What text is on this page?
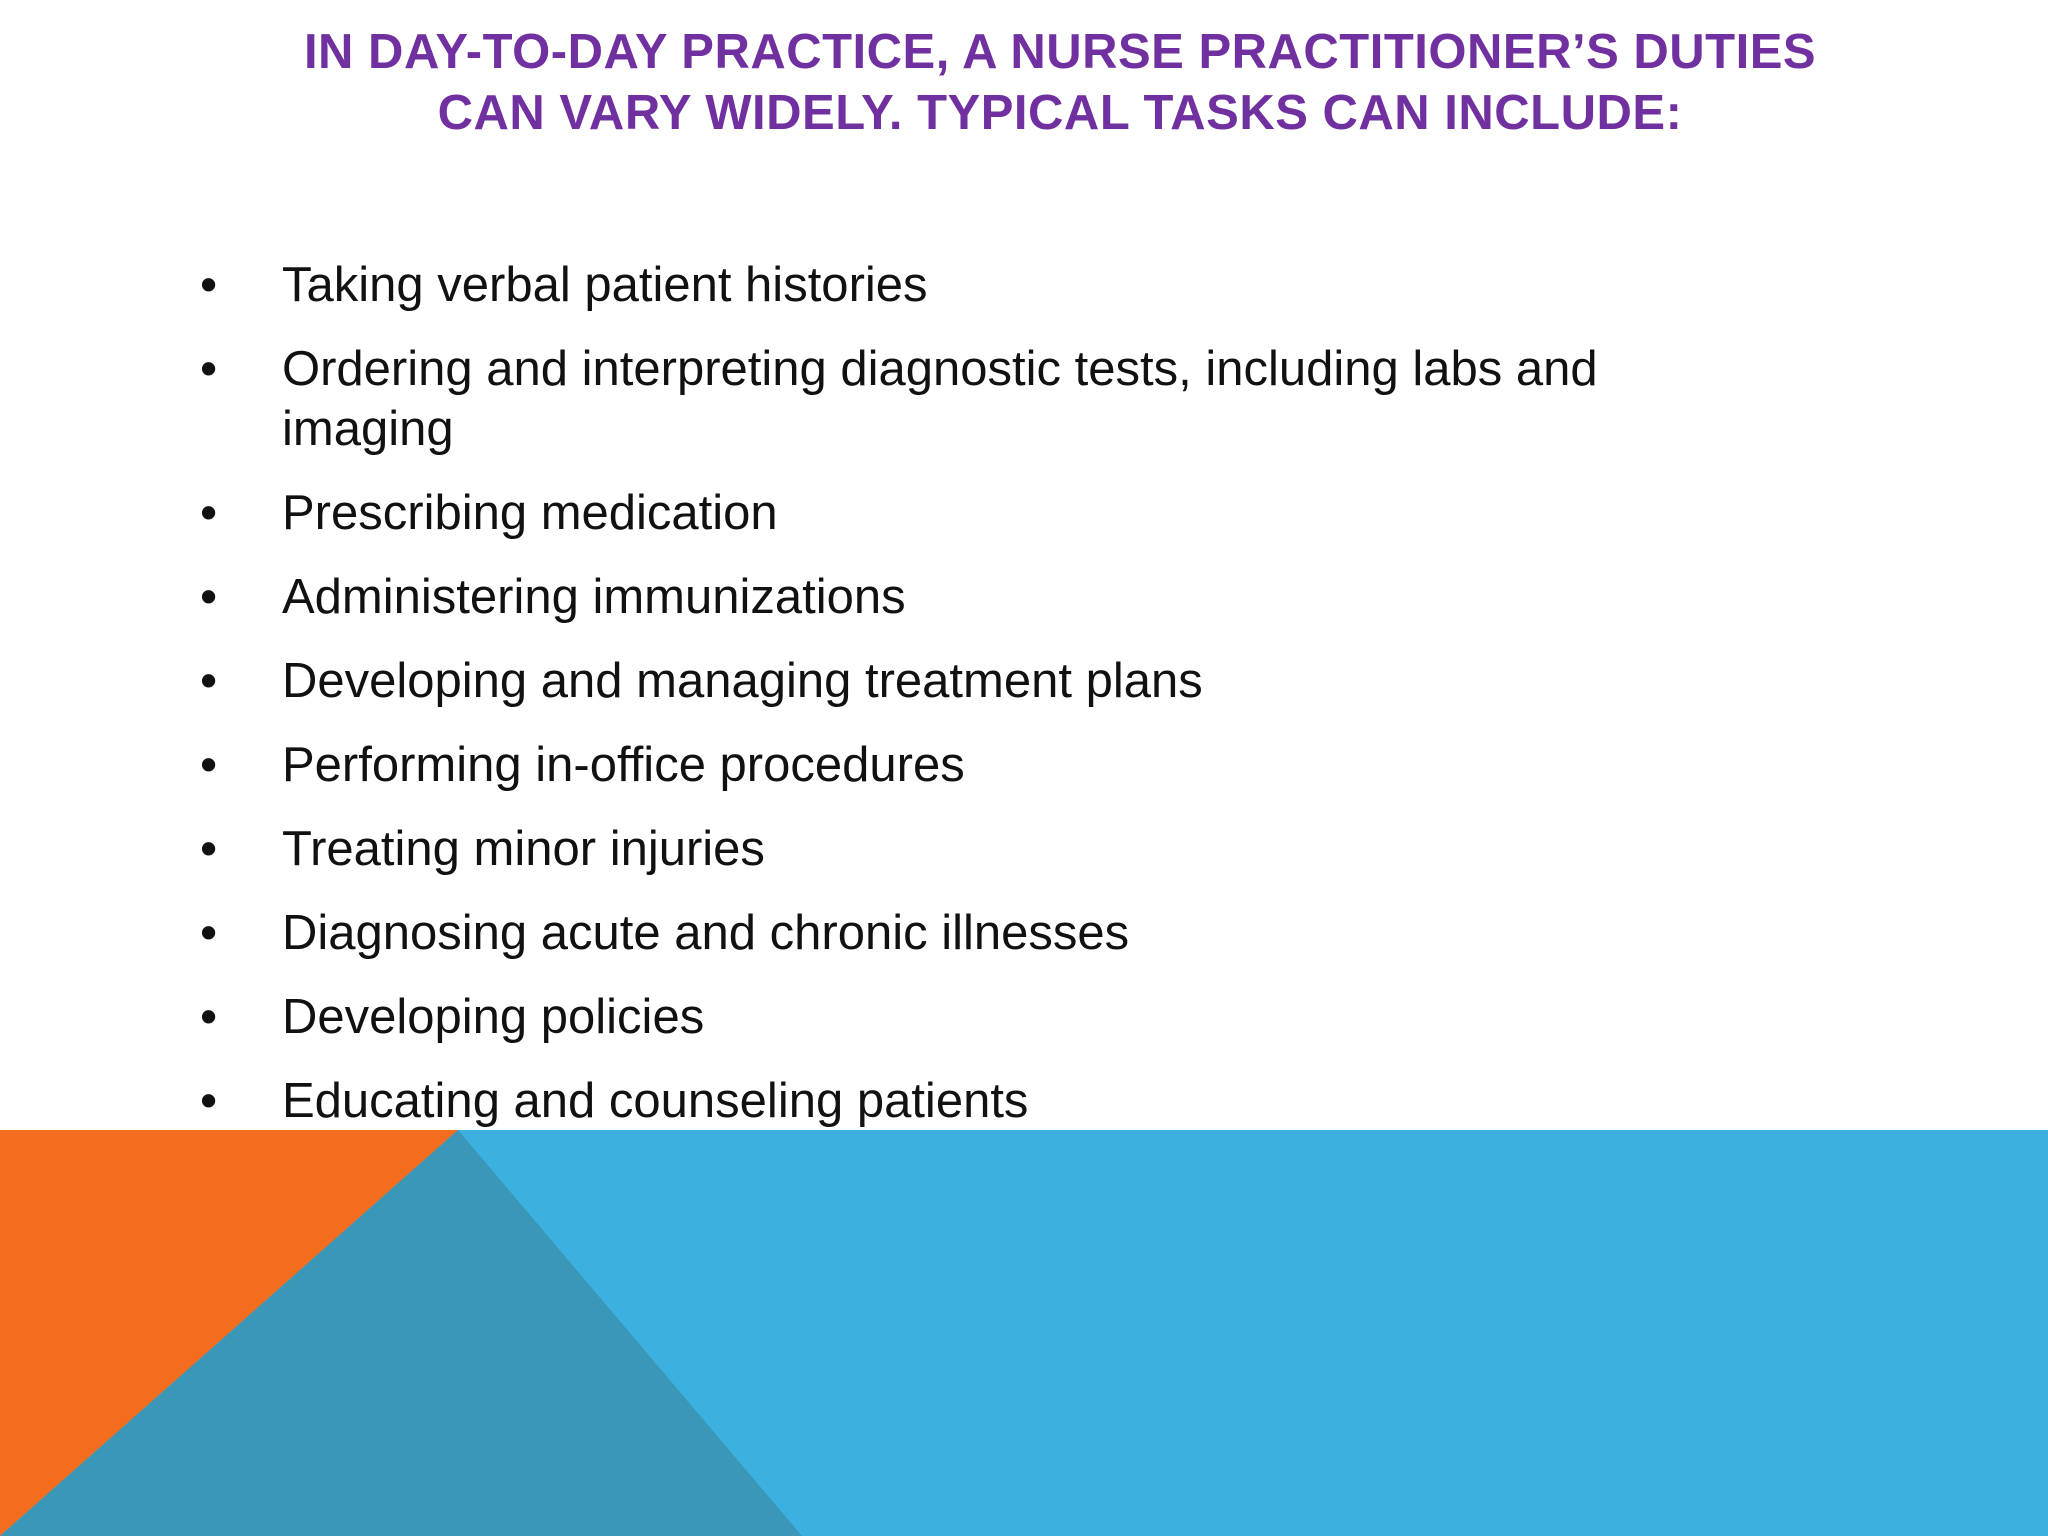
IN DAY-TO-DAY PRACTICE, A NURSE PRACTITIONER’S DUTIES
CAN VARY WIDELY. TYPICAL TASKS CAN INCLUDE:
• Taking verbal patient histories
• Ordering and interpreting diagnostic tests, including labs and imaging
• Prescribing medication
• Administering immunizations
• Developing and managing treatment plans
• Performing in-office procedures
• Treating minor injuries
• Diagnosing acute and chronic illnesses
• Developing policies
• Educating and counseling patients
